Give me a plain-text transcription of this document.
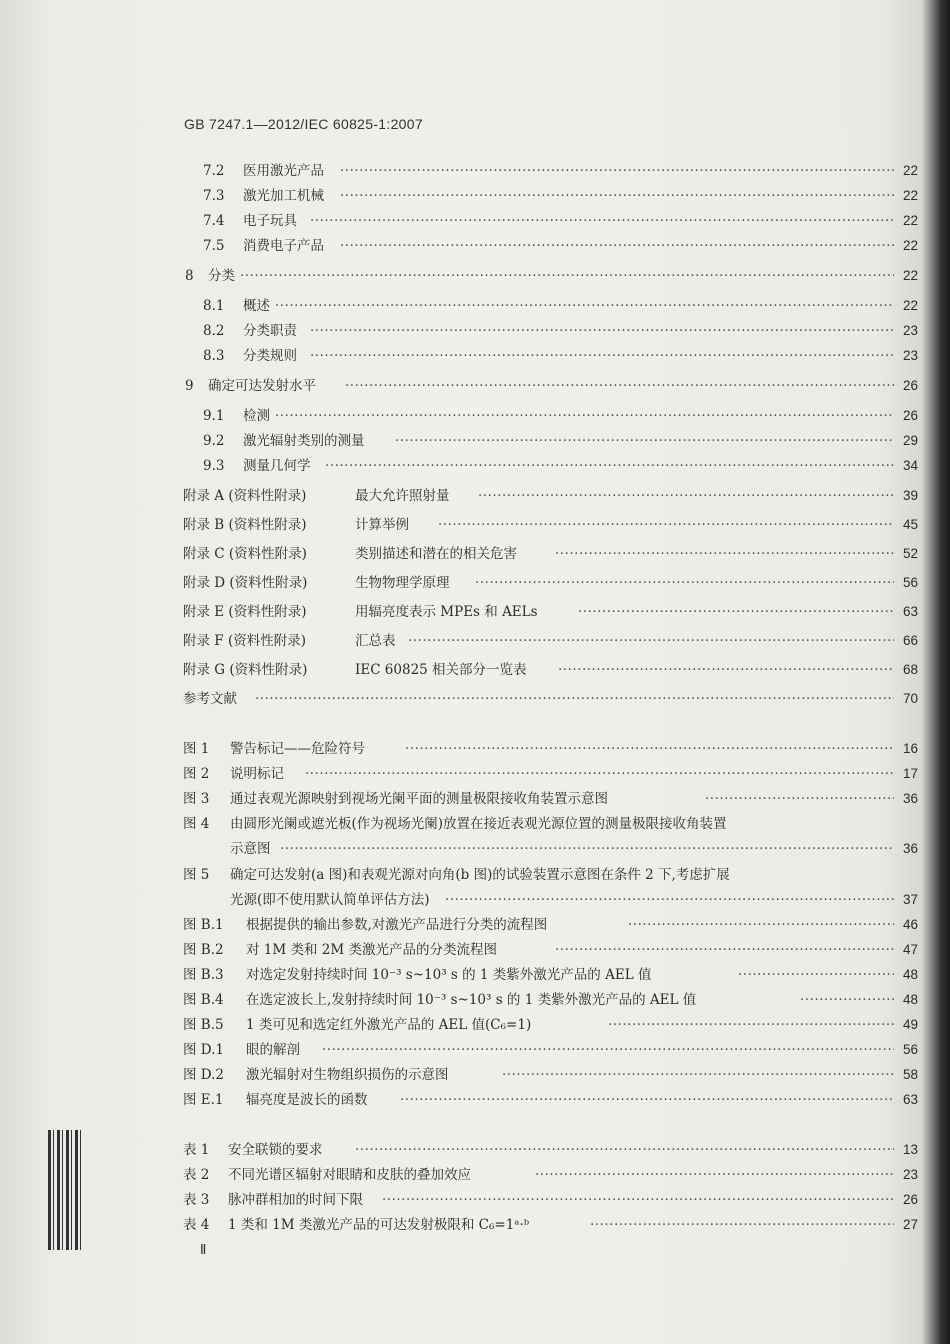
GB 7247.1—2012/IEC 60825-1:2007
7.2 医用激光产品 ·····	22
7.3 激光加工机械 ·····	22
7.4 电子玩具 ·····	22
7.5 消费电子产品 ·····	22
8 分类 ·····	22
8.1 概述 ·····	22
8.2 分类职责 ·····	23
8.3 分类规则 ·····	23
9 确定可达发射水平 ·····	26
9.1 检测 ·····	26
9.2 激光辐射类别的测量 ·····	29
9.3 测量几何学 ·····	34
附录 A (资料性附录)	最大允许照射量 ·····	39
附录 B (资料性附录)	计算举例 ·····	45
附录 C (资料性附录)	类别描述和潜在的相关危害 ·····	52
附录 D (资料性附录)	生物物理学原理 ·····	56
附录 E (资料性附录)	用辐亮度表示 MPEs 和 AELs ·····	63
附录 F (资料性附录)	汇总表 ·····	66
附录 G (资料性附录)	IEC 60825 相关部分一览表 ·····	68
参考文献 ·····	70
图 1 警告标记——危险符号 ·····	16
图 2 说明标记 ·····	17
图 3 通过表观光源映射到视场光阑平面的测量极限接收角装置示意图 ·····	36
图 4 由圆形光阑或遮光板(作为视场光阑)放置在接近表观光源位置的测量极限接收角装置
示意图 ·····	36
图 5 确定可达发射(a 图)和表观光源对向角(b 图)的试验装置示意图在条件 2 下,考虑扩展
光源(即不使用默认简单评估方法) ·····	37
图 B.1 根据提供的输出参数,对激光产品进行分类的流程图 ·····	46
图 B.2 对 1M 类和 2M 类激光产品的分类流程图 ·····	47
图 B.3 对选定发射持续时间 10⁻³ s~10³ s 的 1 类紫外激光产品的 AEL 值 ·····	48
图 B.4 在选定波长上,发射持续时间 10⁻³ s~10³ s 的 1 类紫外激光产品的 AEL 值 ·····	48
图 B.5 1 类可见和选定红外激光产品的 AEL 值(C₆=1) ·····	49
图 D.1 眼的解剖 ·····	56
图 D.2 激光辐射对生物组织损伤的示意图 ·····	58
图 E.1 辐亮度是波长的函数 ·····	63
表 1 安全联锁的要求 ·····	13
表 2 不同光谱区辐射对眼睛和皮肤的叠加效应 ·····	23
表 3 脉冲群相加的时间下限 ·····	26
表 4 1 类和 1M 类激光产品的可达发射极限和 C₆=1ᵃ·ᵇ ·····	27
Ⅱ
